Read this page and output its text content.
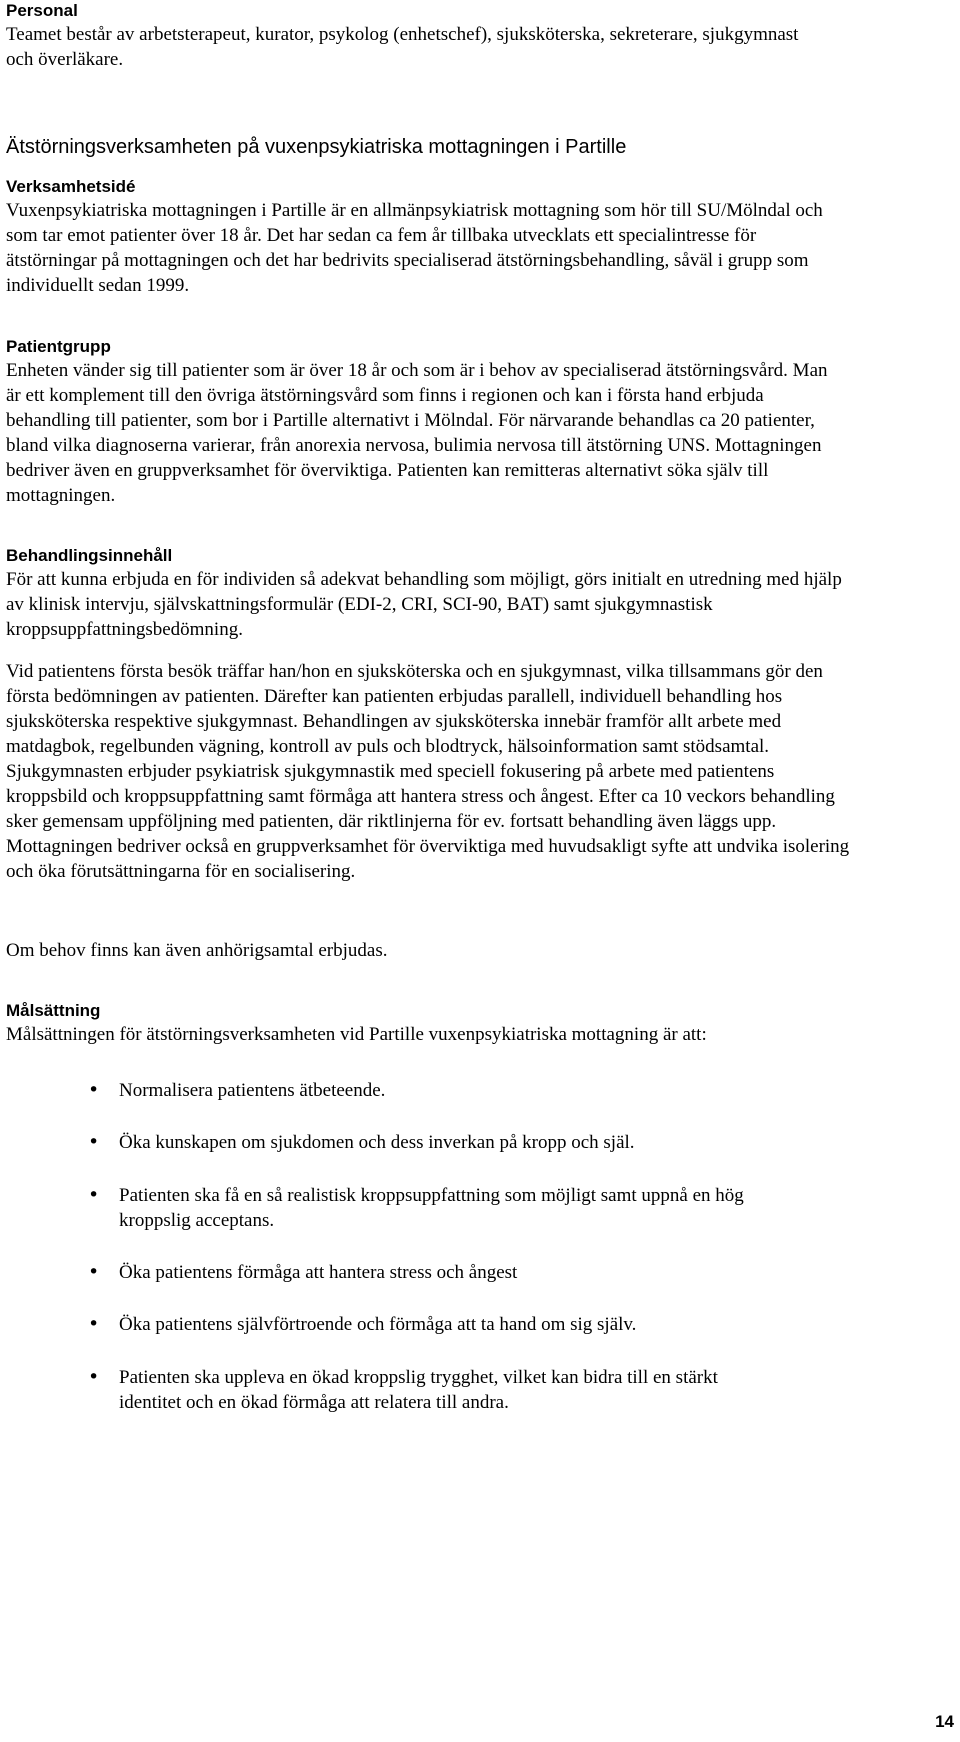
Personal

Teamet består av arbetsterapeut, kurator, psykolog (enhetschef), sjuksköterska, sekreterare, sjukgymnast och överläkare.

Ätstörningsverksamheten på vuxenpsykiatriska mottagningen i Partille
Verksamhetsidé

Vuxenpsykiatriska mottagningen i Partille är en allmänpsykiatrisk mottagning som hör till SU/Mölndal och som tar emot patienter över 18 år. Det har sedan ca fem år tillbaka utvecklats ett specialintresse för ätstörningar på mottagningen och det har bedrivits specialiserad ätstörningsbehandling, såväl i grupp som individuellt sedan 1999.

Patientgrupp

Enheten vänder sig till patienter som är över 18 år och som är i behov av specialiserad ätstörningsvård. Man är ett komplement till den övriga ätstörningsvård som finns i regionen och kan i första hand erbjuda behandling till patienter, som bor i Partille alternativt i Mölndal. För närvarande behandlas ca 20 patienter, bland vilka diagnoserna varierar, från anorexia nervosa, bulimia nervosa till ätstörning UNS. Mottagningen bedriver även en gruppverksamhet för överviktiga. Patienten kan remitteras alternativt söka själv till mottagningen.

Behandlingsinnehåll

För att kunna erbjuda en för individen så adekvat behandling som möjligt, görs initialt en utredning med hjälp av klinisk intervju, självskattningsformulär (EDI-2, CRI, SCI-90, BAT) samt sjukgymnastisk kroppsuppfattningsbedömning.

Vid patientens första besök träffar han/hon en sjuksköterska och en sjukgymnast, vilka tillsammans gör den första bedömningen av patienten. Därefter kan patienten erbjudas parallell, individuell behandling hos sjuksköterska respektive sjukgymnast. Behandlingen av sjuksköterska innebär framför allt arbete med matdagbok, regelbunden vägning, kontroll av puls och blodtryck, hälsoinformation samt stödsamtal. Sjukgymnasten erbjuder psykiatrisk sjukgymnastik med speciell fokusering på arbete med patientens kroppsbild och kroppsuppfattning samt förmåga att hantera stress och ångest. Efter ca 10 veckors behandling sker gemensam uppföljning med patienten, där riktlinjerna för ev. fortsatt behandling även läggs upp. Mottagningen bedriver också en gruppverksamhet för överviktiga med huvudsakligt syfte att undvika isolering och öka förutsättningarna för en socialisering.

Om behov finns kan även anhörigsamtal erbjudas.

Målsättning

Målsättningen för ätstörningsverksamheten vid Partille vuxenpsykiatriska mottagning är att:

• Normalisera patientens ätbeteende.
• Öka kunskapen om sjukdomen och dess inverkan på kropp och själ.
• Patienten ska få en så realistisk kroppsuppfattning som möjligt samt uppnå en hög kroppslig acceptans.
• Öka patientens förmåga att hantera stress och ångest
• Öka patientens självförtroende och förmåga att ta hand om sig själv.
• Patienten ska uppleva en ökad kroppslig trygghet, vilket kan bidra till en stärkt identitet och en ökad förmåga att relatera till andra.
14
